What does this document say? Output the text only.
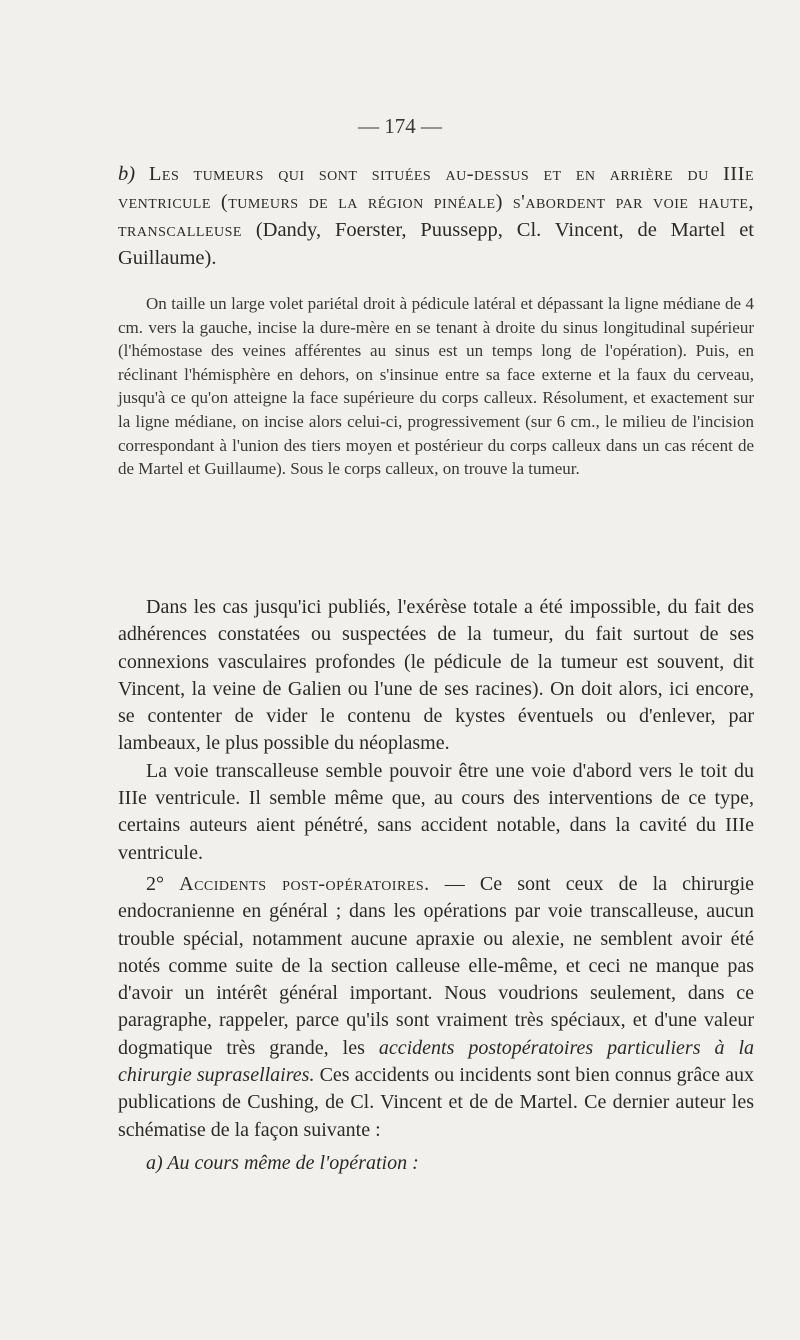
— 174 —
b) Les tumeurs qui sont situées au-dessus et en arrière du IIIe ventricule (tumeurs de la région pinéale) s'abordent par voie haute, transcalleuse (Dandy, Foerster, Puussepp, Cl. Vincent, de Martel et Guillaume).

On taille un large volet pariétal droit à pédicule latéral et dépassant la ligne médiane de 4 cm. vers la gauche, incise la dure-mère en se tenant à droite du sinus longitudinal supérieur (l'hémostase des veines afférentes au sinus est un temps long de l'opération). Puis, en réclinant l'hémisphère en dehors, on s'insinue entre sa face externe et la faux du cerveau, jusqu'à ce qu'on atteigne la face supérieure du corps calleux. Résolument, et exactement sur la ligne médiane, on incise alors celui-ci, progressivement (sur 6 cm., le milieu de l'incision correspondant à l'union des tiers moyen et postérieur du corps calleux dans un cas récent de de Martel et Guillaume). Sous le corps calleux, on trouve la tumeur.

Dans les cas jusqu'ici publiés, l'exérèse totale a été impossible, du fait des adhérences constatées ou suspectées de la tumeur, du fait surtout de ses connexions vasculaires profondes (le pédicule de la tumeur est souvent, dit Vincent, la veine de Galien ou l'une de ses racines). On doit alors, ici encore, se contenter de vider le contenu de kystes éventuels ou d'enlever, par lambeaux, le plus possible du néoplasme.

La voie transcalleuse semble pouvoir être une voie d'abord vers le toit du IIIe ventricule. Il semble même que, au cours des interventions de ce type, certains auteurs aient pénétré, sans accident notable, dans la cavité du IIIe ventricule.

2° Accidents post-opératoires. — Ce sont ceux de la chirurgie endocranienne en général ; dans les opérations par voie transcalleuse, aucun trouble spécial, notamment aucune apraxie ou alexie, ne semblent avoir été notés comme suite de la section calleuse elle-même, et ceci ne manque pas d'avoir un intérêt général important. Nous voudrions seulement, dans ce paragraphe, rappeler, parce qu'ils sont vraiment très spéciaux, et d'une valeur dogmatique très grande, les accidents postopératoires particuliers à la chirurgie suprasellaires. Ces accidents ou incidents sont bien connus grâce aux publications de Cushing, de Cl. Vincent et de de Martel. Ce dernier auteur les schématise de la façon suivante :

a) Au cours même de l'opération :
